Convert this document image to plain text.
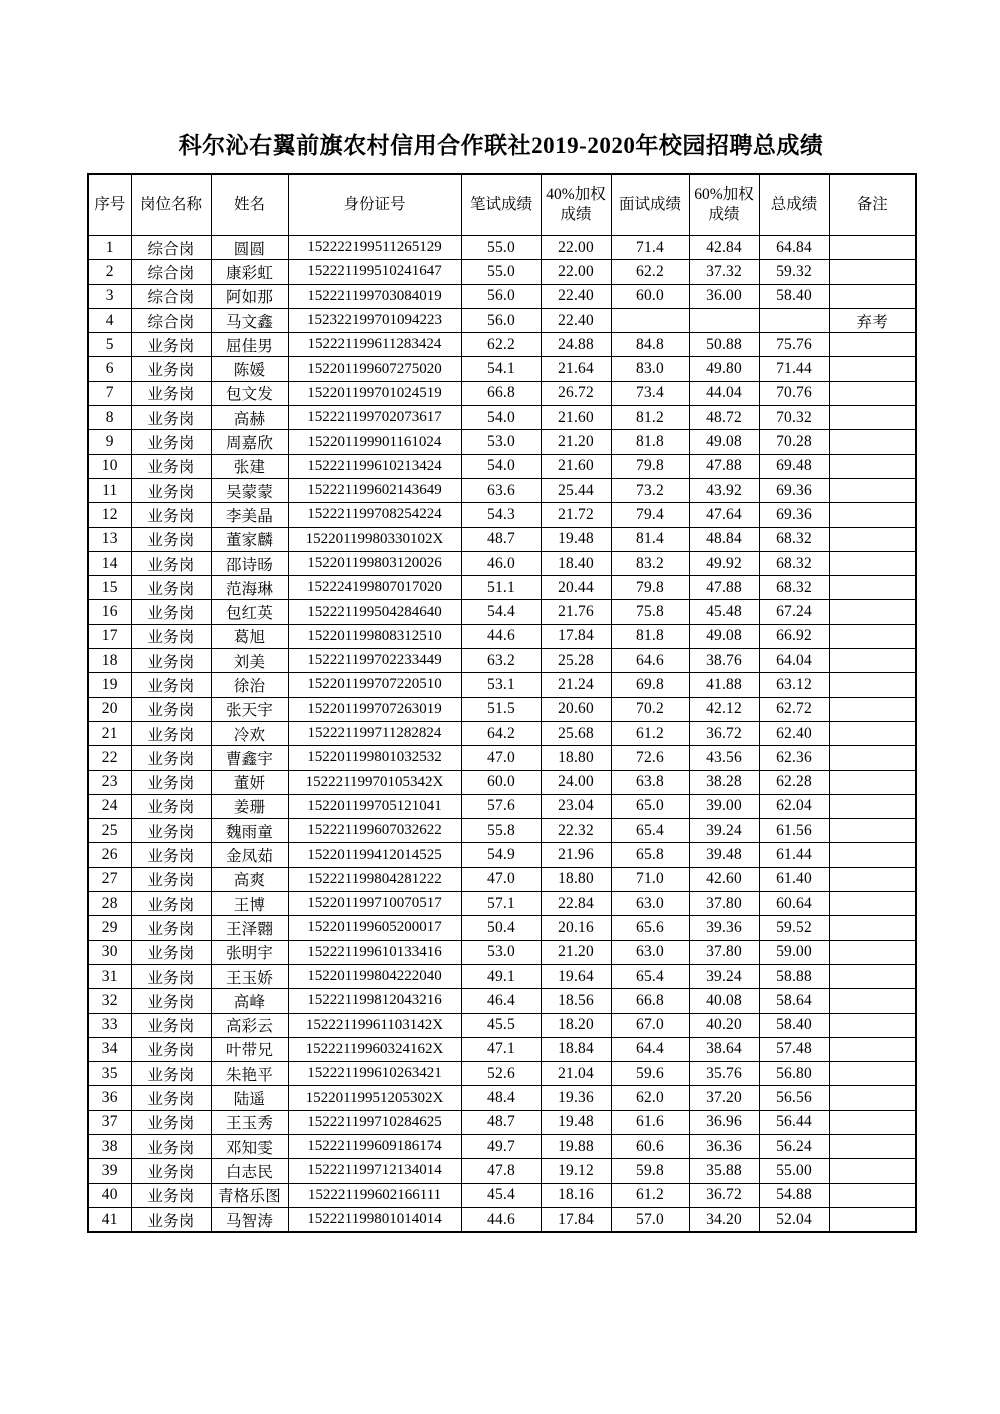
科尔沁右翼前旗农村信用合作联社2019-2020年校园招聘总成绩
序号	岗位名称	姓名	身份证号	笔试成绩	40%加权成绩	面试成绩	60%加权成绩	总成绩	备注
1	综合岗	圆圆	152222199511265129	55.0	22.00	71.4	42.84	64.84	
2	综合岗	康彩虹	152221199510241647	55.0	22.00	62.2	37.32	59.32	
3	综合岗	阿如那	152221199703084019	56.0	22.40	60.0	36.00	58.40	
4	综合岗	马文鑫	152322199701094223	56.0	22.40				弃考
5	业务岗	屈佳男	152221199611283424	62.2	24.88	84.8	50.88	75.76	
6	业务岗	陈媛	152201199607275020	54.1	21.64	83.0	49.80	71.44	
7	业务岗	包文发	152201199701024519	66.8	26.72	73.4	44.04	70.76	
8	业务岗	高赫	152221199702073617	54.0	21.60	81.2	48.72	70.32	
9	业务岗	周嘉欣	152201199901161024	53.0	21.20	81.8	49.08	70.28	
10	业务岗	张建	152221199610213424	54.0	21.60	79.8	47.88	69.48	
11	业务岗	吴蒙蒙	152221199602143649	63.6	25.44	73.2	43.92	69.36	
12	业务岗	李美晶	152221199708254224	54.3	21.72	79.4	47.64	69.36	
13	业务岗	董家麟	15220119980330102X	48.7	19.48	81.4	48.84	68.32	
14	业务岗	邵诗旸	152201199803120026	46.0	18.40	83.2	49.92	68.32	
15	业务岗	范海琳	152224199807017020	51.1	20.44	79.8	47.88	68.32	
16	业务岗	包红英	152221199504284640	54.4	21.76	75.8	45.48	67.24	
17	业务岗	葛旭	152201199808312510	44.6	17.84	81.8	49.08	66.92	
18	业务岗	刘美	152221199702233449	63.2	25.28	64.6	38.76	64.04	
19	业务岗	徐治	152201199707220510	53.1	21.24	69.8	41.88	63.12	
20	业务岗	张天宇	152201199707263019	51.5	20.60	70.2	42.12	62.72	
21	业务岗	冷欢	152221199711282824	64.2	25.68	61.2	36.72	62.40	
22	业务岗	曹鑫宇	152201199801032532	47.0	18.80	72.6	43.56	62.36	
23	业务岗	董妍	15222119970105342X	60.0	24.00	63.8	38.28	62.28	
24	业务岗	姜珊	152201199705121041	57.6	23.04	65.0	39.00	62.04	
25	业务岗	魏雨童	152221199607032622	55.8	22.32	65.4	39.24	61.56	
26	业务岗	金凤茹	152201199412014525	54.9	21.96	65.8	39.48	61.44	
27	业务岗	高爽	152221199804281222	47.0	18.80	71.0	42.60	61.40	
28	业务岗	王博	152201199710070517	57.1	22.84	63.0	37.80	60.64	
29	业务岗	王泽翾	152201199605200017	50.4	20.16	65.6	39.36	59.52	
30	业务岗	张明宇	152221199610133416	53.0	21.20	63.0	37.80	59.00	
31	业务岗	王玉娇	152201199804222040	49.1	19.64	65.4	39.24	58.88	
32	业务岗	高峰	152221199812043216	46.4	18.56	66.8	40.08	58.64	
33	业务岗	高彩云	15222119961103142X	45.5	18.20	67.0	40.20	58.40	
34	业务岗	叶带兄	15222119960324162X	47.1	18.84	64.4	38.64	57.48	
35	业务岗	朱艳平	152221199610263421	52.6	21.04	59.6	35.76	56.80	
36	业务岗	陆遥	15220119951205302X	48.4	19.36	62.0	37.20	56.56	
37	业务岗	王玉秀	152221199710284625	48.7	19.48	61.6	36.96	56.44	
38	业务岗	邓知雯	152221199609186174	49.7	19.88	60.6	36.36	56.24	
39	业务岗	白志民	152221199712134014	47.8	19.12	59.8	35.88	55.00	
40	业务岗	青格乐图	152221199602166111	45.4	18.16	61.2	36.72	54.88	
41	业务岗	马智涛	152221199801014014	44.6	17.84	57.0	34.20	52.04	
